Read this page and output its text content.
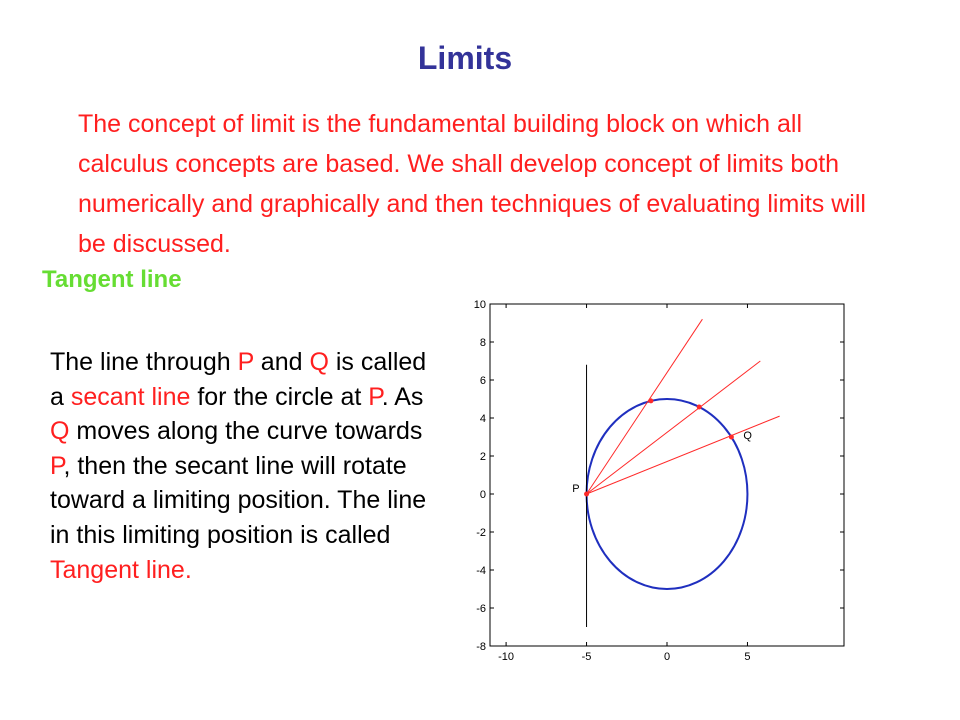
Limits

The concept of limit is the fundamental building block on which all calculus concepts are based. We shall develop concept of limits both numerically and graphically and then techniques of evaluating limits will be discussed.

Tangent line
The line through P and Q is called a secant line for the circle at P. As Q moves along the curve towards P, then the secant line will rotate toward a limiting position. The line in this limiting position is called Tangent line.
-10	-5	0	5
10
8
6
4
2
0
-2
-4
-6
-8
Q
P
